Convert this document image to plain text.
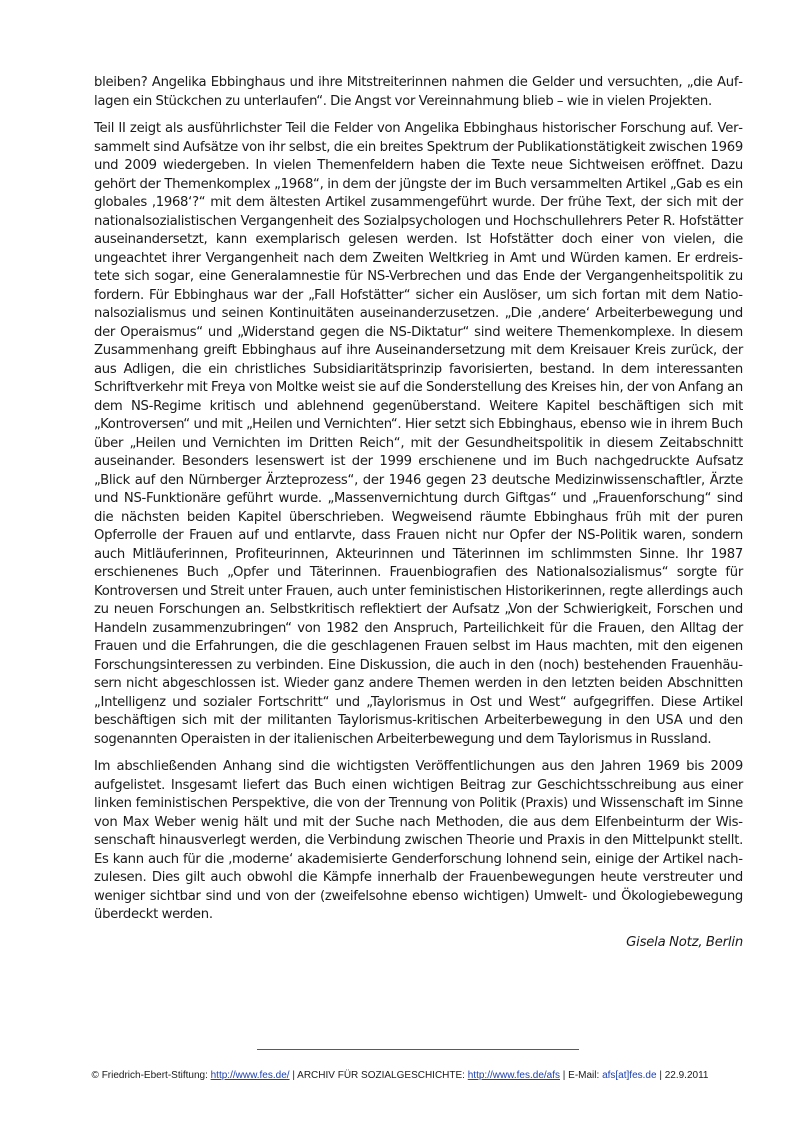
bleiben? Angelika Ebbinghaus und ihre Mitstreiterinnen nahmen die Gelder und versuchten, „die Auflagen ein Stückchen zu unterlaufen“. Die Angst vor Vereinnahmung blieb – wie in vielen Projekten.

Teil II zeigt als ausführlichster Teil die Felder von Angelika Ebbinghaus historischer Forschung auf. Versammelt sind Aufsätze von ihr selbst, die ein breites Spektrum der Publikationstätigkeit zwischen 1969 und 2009 wiedergeben. In vielen Themenfeldern haben die Texte neue Sichtweisen eröffnet. Dazu gehört der Themenkomplex „1968“, in dem der jüngste der im Buch versammelten Artikel „Gab es ein globales ‚1968‘?“ mit dem ältesten Artikel zusammengeführt wurde. Der frühe Text, der sich mit der nationalsozialistischen Vergangenheit des Sozialpsychologen und Hochschullehrers Peter R. Hofstätter auseinandersetzt, kann exemplarisch gelesen werden. Ist Hofstätter doch einer von vielen, die ungeachtet ihrer Vergangenheit nach dem Zweiten Weltkrieg in Amt und Würden kamen. Er erdreistete sich sogar, eine Generalamnestie für NS-Verbrechen und das Ende der Vergangenheitspolitik zu fordern. Für Ebbinghaus war der „Fall Hofstätter“ sicher ein Auslöser, um sich fortan mit dem Nationalsozialismus und seinen Kontinuitäten auseinanderzusetzen. „Die ‚andere‘ Arbeiterbewegung und der Operaismus“ und „Widerstand gegen die NS-Diktatur“ sind weitere Themenkomplexe. In diesem Zusammenhang greift Ebbinghaus auf ihre Auseinandersetzung mit dem Kreisauer Kreis zurück, der aus Adligen, die ein christliches Subsidiaritätsprinzip favorisierten, bestand. In dem interessanten Schriftverkehr mit Freya von Moltke weist sie auf die Sonderstellung des Kreises hin, der von Anfang an dem NS-Regime kritisch und ablehnend gegenüberstand. Weitere Kapitel beschäftigen sich mit „Kontroversen“ und mit „Heilen und Vernichten“. Hier setzt sich Ebbinghaus, ebenso wie in ihrem Buch über „Heilen und Vernichten im Dritten Reich“, mit der Gesundheitspolitik in diesem Zeitabschnitt auseinander. Besonders lesenswert ist der 1999 erschienene und im Buch nachgedruckte Aufsatz „Blick auf den Nürnberger Ärzteprozess“, der 1946 gegen 23 deutsche Medizinwissenschaftler, Ärzte und NS-Funktionäre geführt wurde. „Massenvernichtung durch Giftgas“ und „Frauenforschung“ sind die nächsten beiden Kapitel überschrieben. Wegweisend räumte Ebbinghaus früh mit der puren Opferrolle der Frauen auf und entlarvte, dass Frauen nicht nur Opfer der NS-Politik waren, sondern auch Mitläuferinnen, Profiteurinnen, Akteurinnen und Täterinnen im schlimmsten Sinne. Ihr 1987 erschienenes Buch „Opfer und Täterinnen. Frauenbiografien des Nationalsozialismus“ sorgte für Kontroversen und Streit unter Frauen, auch unter feministischen Historikerinnen, regte allerdings auch zu neuen Forschungen an. Selbstkritisch reflektiert der Aufsatz „Von der Schwierigkeit, Forschen und Handeln zusammenzubringen“ von 1982 den Anspruch, Parteilichkeit für die Frauen, den Alltag der Frauen und die Erfahrungen, die die geschlagenen Frauen selbst im Haus machten, mit den eigenen Forschungsinteressen zu verbinden. Eine Diskussion, die auch in den (noch) bestehenden Frauenhäusern nicht abgeschlossen ist. Wieder ganz andere Themen werden in den letzten beiden Abschnitten „Intelligenz und sozialer Fortschritt“ und „Taylorismus in Ost und West“ aufgegriffen. Diese Artikel beschäftigen sich mit der militanten Taylorismus-kritischen Arbeiterbewegung in den USA und den sogenannten Operaisten in der italienischen Arbeiterbewegung und dem Taylorismus in Russland.

Im abschließenden Anhang sind die wichtigsten Veröffentlichungen aus den Jahren 1969 bis 2009 aufgelistet. Insgesamt liefert das Buch einen wichtigen Beitrag zur Geschichtsschreibung aus einer linken feministischen Perspektive, die von der Trennung von Politik (Praxis) und Wissenschaft im Sinne von Max Weber wenig hält und mit der Suche nach Methoden, die aus dem Elfenbeinturm der Wissenschaft hinausverlegt werden, die Verbindung zwischen Theorie und Praxis in den Mittelpunkt stellt. Es kann auch für die ‚moderne‘ akademisierte Genderforschung lohnend sein, einige der Artikel nachzulesen. Dies gilt auch obwohl die Kämpfe innerhalb der Frauenbewegungen heute verstreuter und weniger sichtbar sind und von der (zweifelsohne ebenso wichtigen) Umwelt- und Ökologiebewegung überdeckt werden.

Gisela Notz, Berlin
© Friedrich-Ebert-Stiftung: http://www.fes.de/ | ARCHIV FÜR SOZIALGESCHICHTE: http://www.fes.de/afs | E-Mail: afs[at]fes.de | 22.9.2011
